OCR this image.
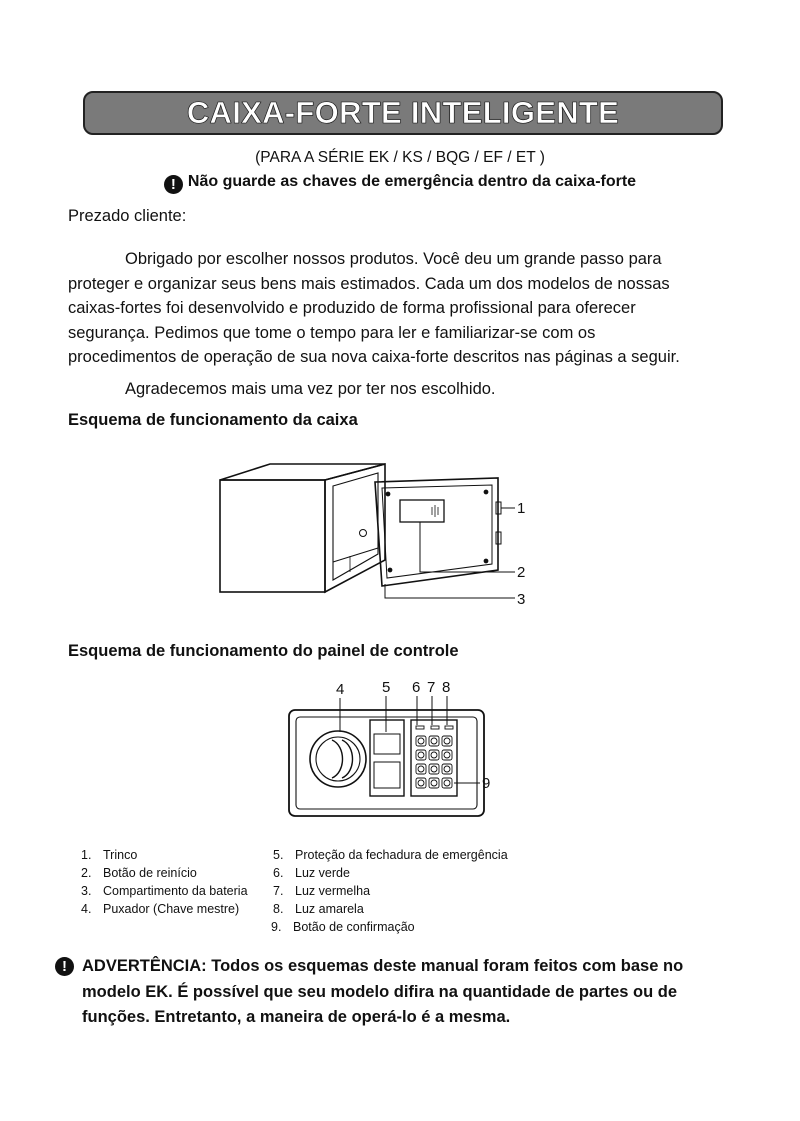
CAIXA-FORTE INTELIGENTE
(PARA A SÉRIE EK / KS / BQG / EF / ET )
! Não guarde as chaves de emergência dentro da caixa-forte
Prezado cliente:
Obrigado por escolher nossos produtos. Você deu um grande passo para
proteger e organizar seus bens mais estimados. Cada um dos modelos de nossas
caixas-fortes foi desenvolvido e produzido de forma profissional para oferecer
segurança. Pedimos que tome o tempo para ler e familiarizar-se com os
procedimentos de operação de sua nova caixa-forte descritos nas páginas a seguir.
Agradecemos mais uma vez por ter nos escolhido.
Esquema de funcionamento da caixa
1
2
3
Esquema de funcionamento do painel de controle
4	5 6 7 8
9
1. Trinco
2. Botão de reinício
3. Compartimento da bateria
4. Puxador (Chave mestre)
5. Proteção da fechadura de emergência
6. Luz verde
7. Luz vermelha
8. Luz amarela
9. Botão de confirmação
! ADVERTÊNCIA: Todos os esquemas deste manual foram feitos com base no
modelo EK. É possível que seu modelo difira na quantidade de partes ou de
funções. Entretanto, a maneira de operá-lo é a mesma.
